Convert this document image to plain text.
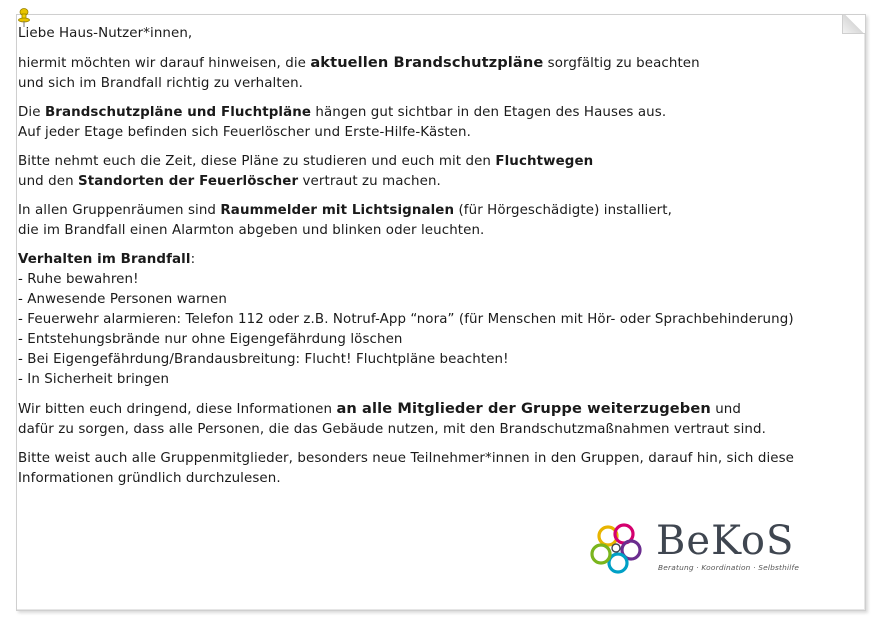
Liebe Haus-Nutzer*innen,

hiermit möchten wir darauf hinweisen, die aktuellen Brandschutzpläne sorgfältig zu beachten
und sich im Brandfall richtig zu verhalten.

Die Brandschutzpläne und Fluchtpläne hängen gut sichtbar in den Etagen des Hauses aus.
Auf jeder Etage befinden sich Feuerlöscher und Erste-Hilfe-Kästen.

Bitte nehmt euch die Zeit, diese Pläne zu studieren und euch mit den Fluchtwegen
und den Standorten der Feuerlöscher vertraut zu machen.

In allen Gruppenräumen sind Raummelder mit Lichtsignalen (für Hörgeschädigte) installiert,
die im Brandfall einen Alarmton abgeben und blinken oder leuchten.

Verhalten im Brandfall:
- Ruhe bewahren!
- Anwesende Personen warnen
- Feuerwehr alarmieren: Telefon 112 oder z.B. Notruf-App “nora” (für Menschen mit Hör- oder Sprachbehinderung)
- Entstehungsbrände nur ohne Eigengefährdung löschen
- Bei Eigengefährdung/Brandausbreitung: Flucht! Fluchtpläne beachten!
- In Sicherheit bringen

Wir bitten euch dringend, diese Informationen an alle Mitglieder der Gruppe weiterzugeben und
dafür zu sorgen, dass alle Personen, die das Gebäude nutzen, mit den Brandschutzmaßnahmen vertraut sind.

Bitte weist auch alle Gruppenmitglieder, besonders neue Teilnehmer*innen in den Gruppen, darauf hin, sich diese
Informationen gründlich durchzulesen.

BeKoS
Beratung · Koordination · Selbsthilfe
